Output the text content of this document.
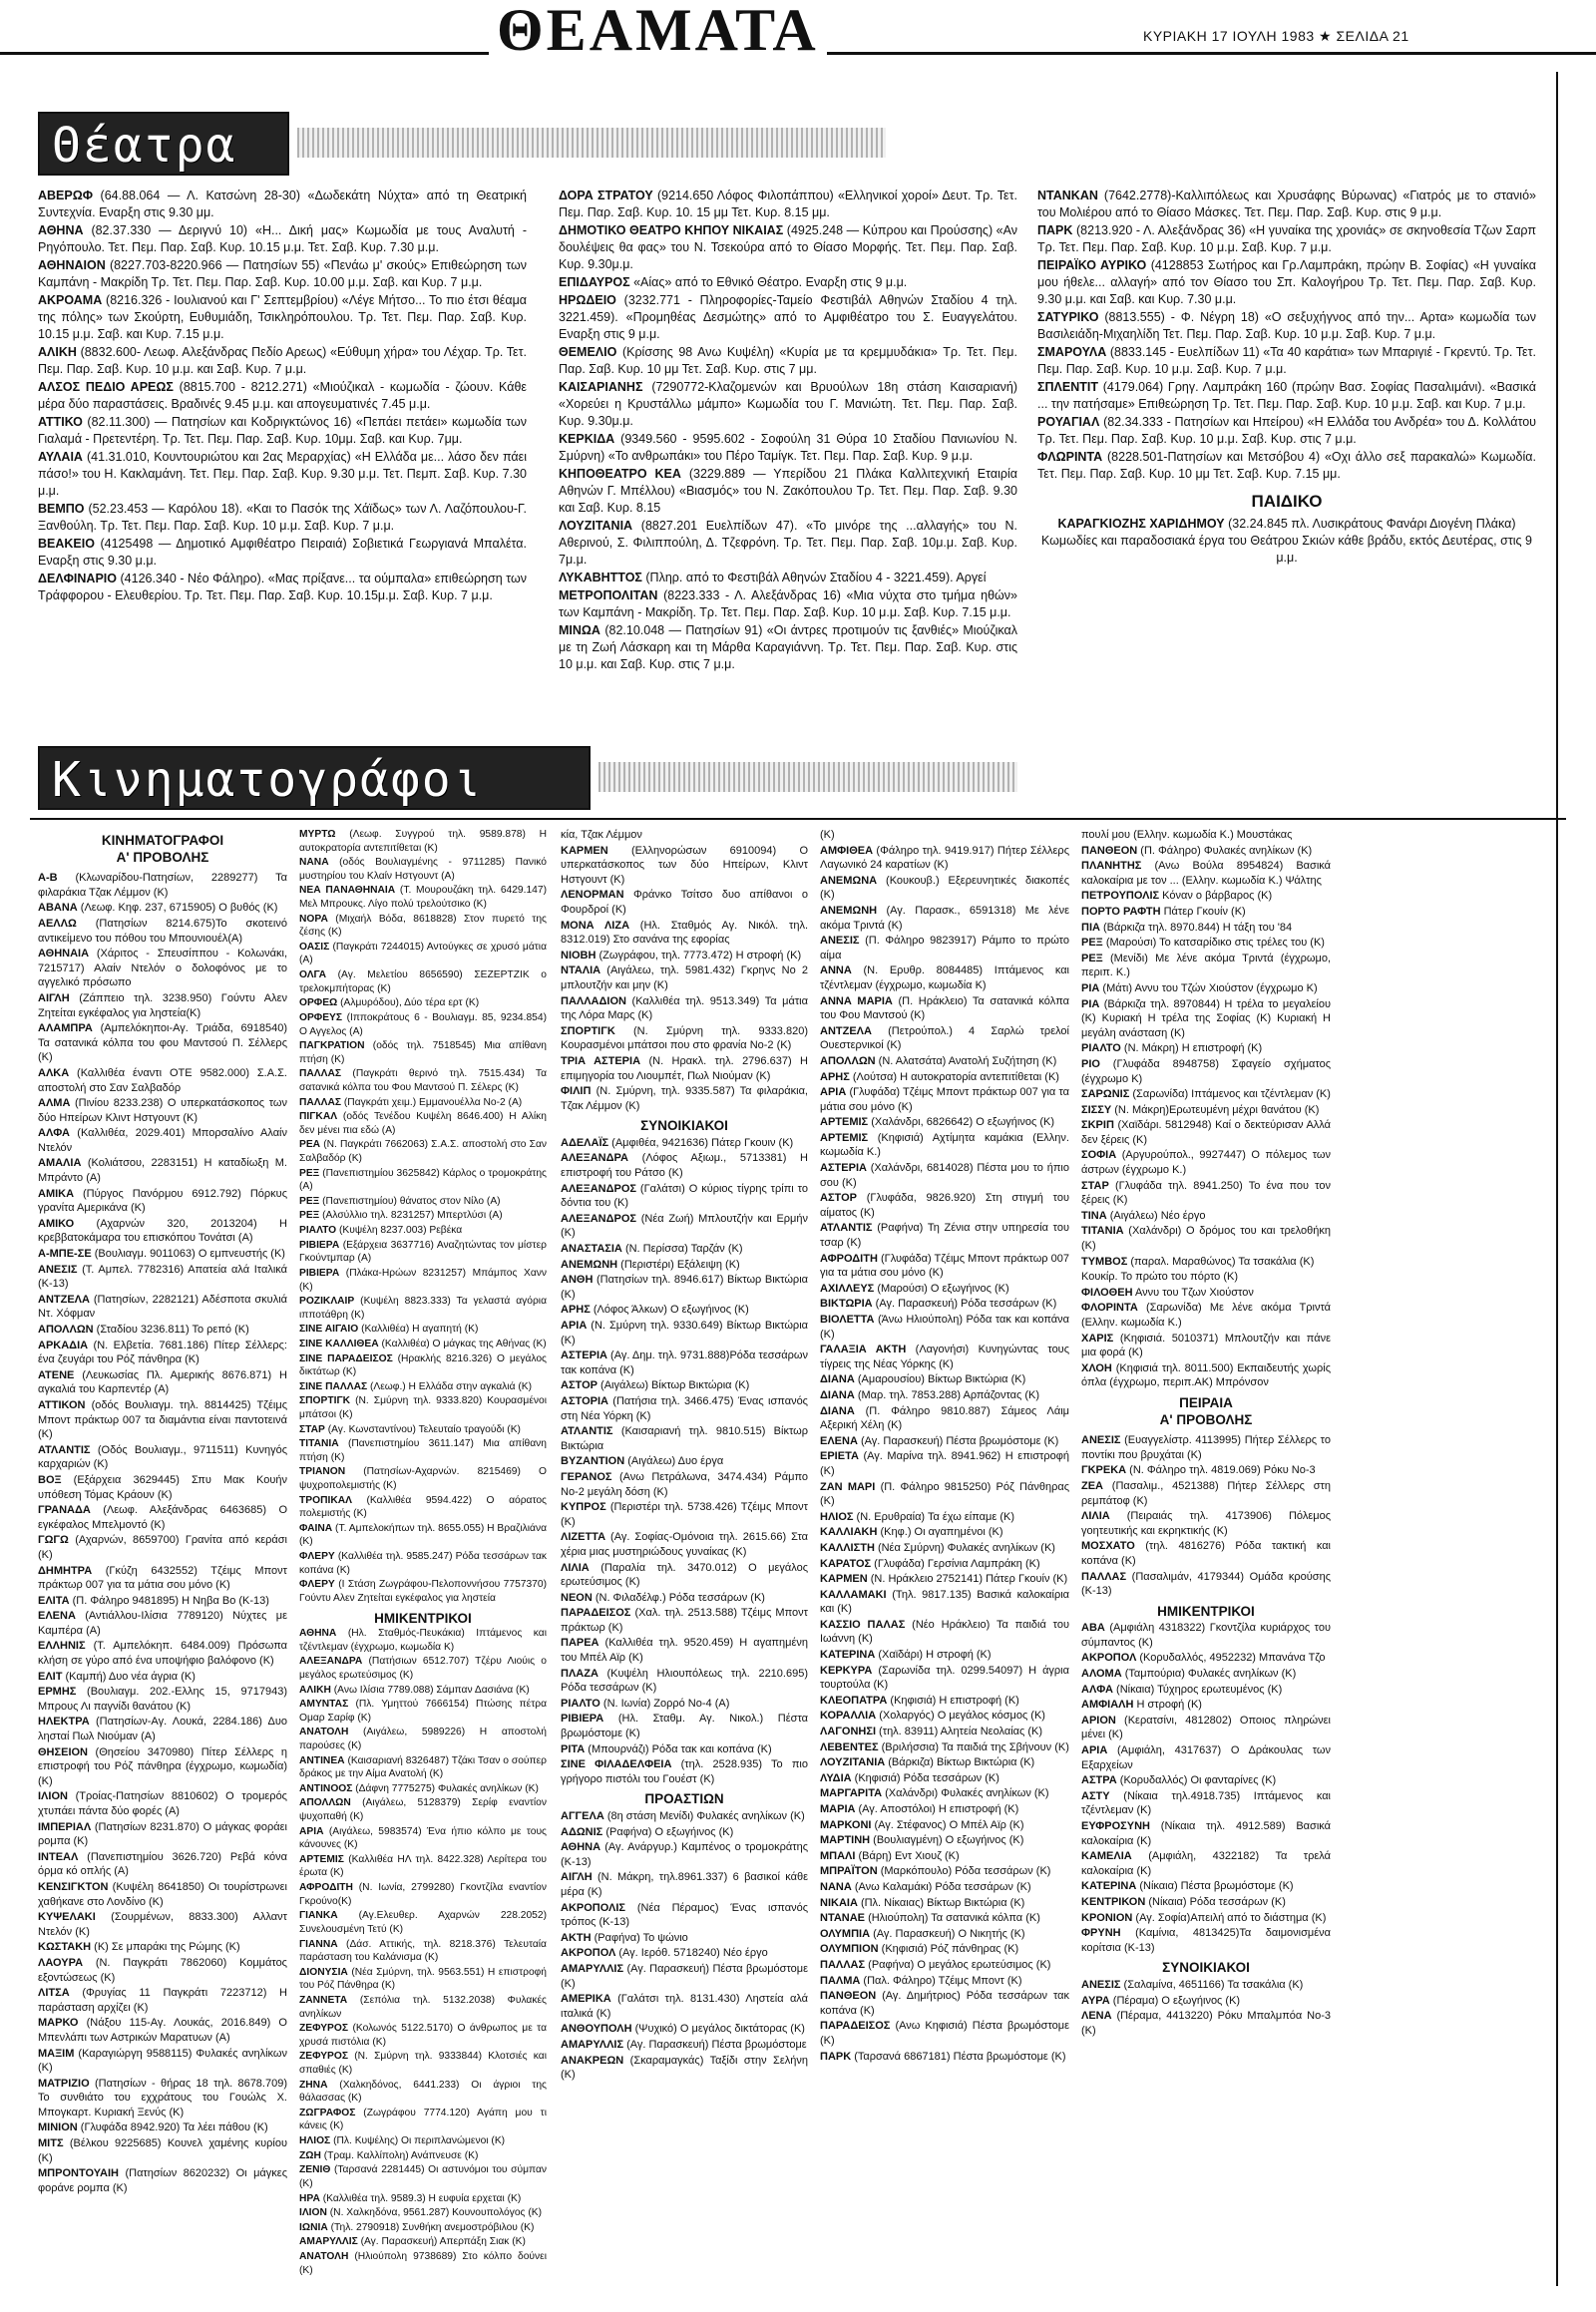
ΘΕΑΜΑΤΑ	ΚΥΡΙΑΚΗ 17 ΙΟΥΛΗ 1983 ★ ΣΕΛΙΔΑ 21
Θέατρα

ΑΒΕΡΩΦ (64.88.064 — Λ. Κατσώνη 28-30) «Δωδεκάτη Νύχτα» από τη Θεατρική Συντεχνία. Εναρξη στις 9.30 μμ.

ΑΘΗΝΑ (82.37.330 — Δεριγνύ 10) «Η... Δική μας» Κωμωδία με τους Αναλυτή - Ρηγόπουλο. Τετ. Πεμ. Παρ. Σαβ. Κυρ. 10.15 μ.μ. Τετ. Σαβ. Κυρ. 7.30 μ.μ.

ΑΘΗΝΑΙΟΝ (8227.703-8220.966 — Πατησίων 55) «Πενάω μ' σκούς» Επιθεώρηση των Καμπάνη - Μακρίδη Τρ. Τετ. Πεμ. Παρ. Σαβ. Κυρ. 10.00 μ.μ. Σαβ. και Κυρ. 7 μ.μ.

ΑΚΡΟΑΜΑ (8216.326 - Ιουλιανού και Γ' Σεπτεμβρίου) «Λέγε Μήτσο... Το πιο έτσι θέαμα της πόλης» των Σκούρτη, Ευθυμιάδη, Τσικληρόπουλου. Τρ. Τετ. Πεμ. Παρ. Σαβ. Κυρ. 10.15 μ.μ. Σαβ. και Κυρ. 7.15 μ.μ.

ΑΛΙΚΗ (8832.600- Λεωφ. Αλεξάνδρας Πεδίο Αρεως) «Εύθυμη χήρα» του Λέχαρ. Τρ. Τετ. Πεμ. Παρ. Σαβ. Κυρ. 10 μ.μ. και Σαβ. Κυρ. 7 μ.μ.

ΑΛΣΟΣ ΠΕΔΙΟ ΑΡΕΩΣ (8815.700 - 8212.271) «Μιούζικαλ - κωμωδία - ζώουν. Κάθε μέρα δύο παραστάσεις. Βραδινές 9.45 μ.μ. και απογευματινές 7.45 μ.μ.

ΑΤΤΙΚΟ (82.11.300) — Πατησίων και Κοδριγκτώνος 16) «Πεπάει πετάει» κωμωδία των Γιαλαμά - Πρετεντέρη. Τρ. Τετ. Πεμ. Παρ. Σαβ. Κυρ. 10μμ. Σαβ. και Κυρ. 7μμ.

ΑΥΛΑΙΑ (41.31.010, Κουντουριώτου και 2ας Μεραρχίας) «Η Ελλάδα με... λάσο δεν πάει πάσο!» του Η. Κακλαμάνη. Τετ. Πεμ. Παρ. Σαβ. Κυρ. 9.30 μ.μ. Τετ. Πεμπ. Σαβ. Κυρ. 7.30 μ.μ.

ΒΕΜΠΟ (52.23.453 — Καρόλου 18). «Και το Πασόκ της Χάϊδως» των Λ. Λαζόπουλου-Γ. Ξανθούλη. Τρ. Τετ. Πεμ. Παρ. Σαβ. Κυρ. 10 μ.μ. Σαβ. Κυρ. 7 μ.μ.

ΒΕΑΚΕΙΟ (4125498 — Δημοτικό Αμφιθέατρο Πειραιά) Σοβιετικά Γεωργιανά Μπαλέτα. Εναρξη στις 9.30 μ.μ.

ΔΕΛΦΙΝΑΡΙΟ (4126.340 - Νέο Φάληρο). «Μας πρίξανε... τα ούμπαλα» επιθεώρηση των Τράφφορου - Ελευθερίου. Τρ. Τετ. Πεμ. Παρ. Σαβ. Κυρ. 10.15μ.μ. Σαβ. Κυρ. 7 μ.μ.

ΔΟΡΑ ΣΤΡΑΤΟΥ (9214.650 Λόφος Φιλοπάππου) «Ελληνικοί χοροί» Δευτ. Τρ. Τετ. Πεμ. Παρ. Σαβ. Κυρ. 10. 15 μμ Τετ. Κυρ. 8.15 μμ.

ΔΗΜΟΤΙΚΟ ΘΕΑΤΡΟ ΚΗΠΟΥ ΝΙΚΑΙΑΣ (4925.248 — Κύπρου και Προύσσης) «Αν δουλέψεις θα φας» του Ν. Τσεκούρα από το Θίασο Μορφής. Τετ. Πεμ. Παρ. Σαβ. Κυρ. 9.30μ.μ.

ΕΠΙΔΑΥΡΟΣ «Αίας» από το Εθνικό Θέατρο. Εναρξη στις 9 μ.μ.

ΗΡΩΔΕΙΟ (3232.771 - Πληροφορίες-Ταμείο Φεστιβάλ Αθηνών Σταδίου 4 τηλ. 3221.459). «Προμηθέας Δεσμώτης» από το Αμφιθέατρο του Σ. Ευαγγελάτου. Εναρξη στις 9 μ.μ.

ΘΕΜΕΛΙΟ (Κρίσσης 98 Ανω Κυψέλη) «Κυρία με τα κρεμμυδάκια» Τρ. Τετ. Πεμ. Παρ. Σαβ. Κυρ. 10 μμ Τετ. Σαβ. Κυρ. στις 7 μμ.

ΚΑΙΣΑΡΙΑΝΗΣ (7290772-Κλαζομενών και Βρυούλων 18η στάση Καισαριανή) «Χορεύει η Κρυστάλλω μάμπο» Κωμωδία του Γ. Μανιώτη. Τετ. Πεμ. Παρ. Σαβ. Κυρ. 9.30μ.μ.

ΚΕΡΚΙΔΑ (9349.560 - 9595.602 - Σοφούλη 31 Θύρα 10 Σταδίου Πανιωνίου Ν. Σμύρνη) «Το ανθρωπάκι» του Πέρο Ταμίγκ. Τετ. Πεμ. Παρ. Σαβ. Κυρ. 9 μ.μ.

ΚΗΠΟΘΕΑΤΡΟ ΚΕΑ (3229.889 — Υπερίδου 21 Πλάκα Καλλιτεχνική Εταιρία Αθηνών Γ. Μπέλλου) «Βιασμός» του Ν. Ζακόπουλου Τρ. Τετ. Πεμ. Παρ. Σαβ. 9.30 και Σαβ. Κυρ. 8.15

ΛΟΥΖΙΤΑΝΙΑ (8827.201 Ευελπίδων 47). «Το μινόρε της ...αλλαγής» του Ν. Αθερινού, Σ. Φιλιππούλη, Δ. Τζεφρόνη. Τρ. Τετ. Πεμ. Παρ. Σαβ. 10μ.μ. Σαβ. Κυρ. 7μ.μ.

ΛΥΚΑΒΗΤΤΟΣ (Πληρ. από το Φεστιβάλ Αθηνών Σταδίου 4 - 3221.459). Αργεί

ΜΕΤΡΟΠΟΛΙΤΑΝ (8223.333 - Λ. Αλεξάνδρας 16) «Μια νύχτα στο τμήμα ηθών» των Καμπάνη - Μακρίδη. Τρ. Τετ. Πεμ. Παρ. Σαβ. Κυρ. 10 μ.μ. Σαβ. Κυρ. 7.15 μ.μ.

ΜΙΝΩΑ (82.10.048 — Πατησίων 91) «Οι άντρες προτιμούν τις ξανθιές» Μιούζικαλ με τη Ζωή Λάσκαρη και τη Μάρθα Καραγιάννη. Τρ. Τετ. Πεμ. Παρ. Σαβ. Κυρ. στις 10 μ.μ. και Σαβ. Κυρ. στις 7 μ.μ.

ΝΤΑΝΚΑΝ (7642.2778)-Καλλιπόλεως και Χρυσάφης Βύρωνας) «Γιατρός με το στανιό» του Μολιέρου από το Θίασο Μάσκες. Τετ. Πεμ. Παρ. Σαβ. Κυρ. στις 9 μ.μ.

ΠΑΡΚ (8213.920 - Λ. Αλεξάνδρας 36) «Η γυναίκα της χρονιάς» σε σκηνοθεσία Τζων Σαρπ Τρ. Τετ. Πεμ. Παρ. Σαβ. Κυρ. 10 μ.μ. Σαβ. Κυρ. 7 μ.μ.

ΠΕΙΡΑΪΚΟ ΑΥΡΙΚΟ (4128853 Σωτήρος και Γρ.Λαμπράκη, πρώην Β. Σοφίας) «Η γυναίκα μου ήθελε... αλλαγή» από τον Θίασο του Σπ. Καλογήρου Τρ. Τετ. Πεμ. Παρ. Σαβ. Κυρ. 9.30 μ.μ. και Σαβ. και Κυρ. 7.30 μ.μ.

ΣΑΤΥΡΙΚΟ (8813.555) - Φ. Νέγρη 18) «Ο σεξυχήγνος από την... Αρτα» κωμωδία των Βασιλειάδη-Μιχαηλίδη Τετ. Πεμ. Παρ. Σαβ. Κυρ. 10 μ.μ. Σαβ. Κυρ. 7 μ.μ.

ΣΜΑΡΟΥΛΑ (8833.145 - Ευελπίδων 11) «Τα 40 καράτια» των Μπαριγιέ - Γκρεντύ. Τρ. Τετ. Πεμ. Παρ. Σαβ. Κυρ. 10 μ.μ. Σαβ. Κυρ. 7 μ.μ.

ΣΠΛΕΝΤΙΤ (4179.064) Γρηγ. Λαμπράκη 160 (πρώην Βασ. Σοφίας Πασαλιμάνι). «Βασικά ... την πατήσαμε» Επιθεώρηση Τρ. Τετ. Πεμ. Παρ. Σαβ. Κυρ. 10 μ.μ. Σαβ. και Κυρ. 7 μ.μ.

ΡΟΥΑΓΙΑΛ (82.34.333 - Πατησίων και Ηπείρου) «Η Ελλάδα του Ανδρέα» του Δ. Κολλάτου Τρ. Τετ. Πεμ. Παρ. Σαβ. Κυρ. 10 μ.μ. Σαβ. Κυρ. στις 7 μ.μ.

ΦΛΩΡΙΝΤΑ (8228.501-Πατησίων και Μετσόβου 4) «Οχι άλλο σεξ παρακαλώ» Κωμωδία. Τετ. Πεμ. Παρ. Σαβ. Κυρ. 10 μμ Τετ. Σαβ. Κυρ. 7.15 μμ.

ΠΑΙΔΙΚΟ

ΚΑΡΑΓΚΙΟΖΗΣ ΧΑΡΙΔΗΜΟΥ (32.24.845 πλ. Λυσικράτους Φανάρι Διογένη Πλάκα) Κωμωδίες και παραδοσιακά έργα του Θεάτρου Σκιών κάθε βράδυ, εκτός Δευτέρας, στις 9 μ.μ.

Κινηματογράφοι
ΚΙΝΗΜΑΤΟΓΡΑΦΟΙ
Α' ΠΡΟΒΟΛΗΣ

Α-Β (Κλωναρίδου-Πατησίων, 2289277) Τα φιλαράκια Τζακ Λέμμον (Κ)

ΑΒΑΝΑ (Λεωφ. Κηφ. 237, 6715905) Ο βυθός (Κ)

ΑΕΛΛΩ (Πατησίων 8214.675)Το σκοτεινό αντικείμενο του πόθου του Μπουνιουέλ(Α)

ΑΘΗΝΑΙΑ (Χάριτος - Σπευσίππου - Κολωνάκι, 7215717) Αλαίν Ντελόν ο δολοφόνος με το αγγελικό πρόσωπο

ΑΙΓΛΗ (Ζάππειο τηλ. 3238.950) Γούντυ Αλεν Ζητείται εγκέφαλος για ληστεία(Κ)

ΑΛΑΜΠΡΑ (Αμπελόκηποι-Αγ. Τριάδα, 6918540) Τα σατανικά κόλπα του φου Μαντσού Π. Σέλλερς (Κ)

ΑΛΚΑ (Καλλιθέα έναντι ΟΤΕ 9582.000) Σ.Α.Σ. αποστολή στο Σαν Σαλβαδόρ

ΑΛΜΑ (Πινίου 8233.238) Ο υπερκατάσκοπος των δύο Ηπείρων Κλιντ Ηστγουντ (Κ)

ΑΛΦΑ (Καλλιθέα, 2029.401) Μπορσαλίνο Αλαίν Ντελόν

ΑΜΑΛΙΑ (Κολιάτσου, 2283151) Η καταδίωξη Μ. Μπράντο (Α)

ΑΜΙΚΑ (Πύργος Πανόρμου 6912.792) Πόρκυς γρανίτα Αμερικάνα (Κ)

ΑΜΙΚΟ (Αχαρνών 320, 2013204) Η κρεββατοκάμαρα του επισκόπου Τονάτσι (Α)

Α-ΜΠΕ-ΣΕ (Βουλιαγμ. 9011063) Ο εμπνευστής (Κ)

ΑΝΕΣΙΣ (Τ. Αμπελ. 7782316) Απατεία αλά Ιταλικά (Κ-13)

ΑΝΤΖΕΛΑ (Πατησίων, 2282121) Αδέσποτα σκυλιά Ντ. Χόφμαν

ΑΠΟΛΛΩΝ (Σταδίου 3236.811) Το ρεπό (Κ)

ΑΡΚΑΔΙΑ (Ν. Ελβετία. 7681.186) Πίτερ Σέλλερς: ένα ζευγάρι του Ρόζ πάνθηρα (Κ)

ΑΤΕΝΕ (Λευκωσίας Πλ. Αμερικής 8676.871) Η αγκαλιά του Καρπεντέρ (Α)

ΑΤΤΙΚΟΝ (οδός Βουλιαγμ. τηλ. 8814425) Τζέιμς Μποντ πράκτωρ 007 τα διαμάντια είναι παντοτεινά (Κ)

ΑΤΛΑΝΤΙΣ (Οδός Βουλιαγμ., 9711511) Κυνηγός καρχαριών (Κ)

ΒΟΞ (Εξάρχεια 3629445) Σπυ Μακ Κουήν υπόθεση Τόμας Κράουν (Κ)

ΓΡΑΝΑΔΑ (Λεωφ. Αλεξάνδρας 6463685) Ο εγκέφαλος Μπελμοντό (Κ)

ΓΩΓΩ (Αχαρνών, 8659700) Γρανίτα από κεράσι (Κ)

ΔΗΜΗΤΡΑ (Γκύζη 6432552) Τζέιμς Μποντ πράκτωρ 007 για τα μάτια σου μόνο (Κ)

ΕΛΙΤΑ (Π. Φάληρο 9481895) Η Νηβα Βο (Κ-13)

ΕΛΕΝΑ (Αντιάλλου-Ιλίσια 7789120) Νύχτες με Καμπέρα (Α)

ΕΛΛΗΝΙΣ (Τ. Αμπελόκηπ. 6484.009) Πρόσωπα κλήση σε γύρο από ένα υποψήφιο βαλόφονο (Κ)

ΕΛΙΤ (Καμπή) Δυο νέα άγρια (Κ)

ΕΡΜΗΣ (Βουλιαγμ. 202.-Ελλης 15, 9717943) Μπρους Λι παγνίδι θανάτου (Κ)

ΗΛΕΚΤΡΑ (Πατησίων-Αγ. Λουκά, 2284.186) Δυο λησταί Πωλ Νιούμαν (Α)

ΘΗΣΕΙΟΝ (Θησείου 3470980) Πίτερ Σέλλερς η επιστροφή του Ρόζ πάνθηρα (έγχρωμο, κωμωδία) (Κ)

ΙΛΙΟΝ (Τροίας-Πατησίων 8810602) Ο τρομερός χτυπάει πάντα δύο φορές (Α)

ΙΜΠΕΡΙΑΛ (Πατησίων 8231.870) Ο μάγκας φοράει ρομπα (Κ)

ΙΝΤΕΑΛ (Πανεπιστημίου 3626.720) Ρεβά κόνα όρμα κό οπλής (Α)

ΚΕΝΣΙΓΚΤΟΝ (Κυψέλη 8641850) Οι τουρίστρωνει χαθήκανε στο Λονδίνο (Κ)

ΚΥΨΕΛΑΚΙ (Σουρμένων, 8833.300) Αλλαντ Ντελόν (Κ)

ΚΩΣΤΑΚΗ (Κ) Σε μπαράκι της Ρώμης (Κ)

ΛΑΟΥΡΑ (Ν. Παγκράτι 7862060) Κομμάτος εξοντώσεως (Κ)

ΛΙΤΣΑ (Φρυγίας 11 Παγκράτι 7223712) Η παράσταση αρχίζει (Κ)

ΜΑΡΚΟ (Νάξου 115-Αγ. Λουκάς, 2016.849) Ο Μπενλάπι των Αστρικών Μαρατυων (Α)

ΜΑΞΙΜ (Καραγιώργη 9588115) Φυλακές ανηλίκων (Κ)

ΜΑΤΡΙΖΙΟ (Πατησίων - θήρας 18 τηλ. 8678.709) Το συνθιάτο του εχχράτους του Γουώλς Χ. Μπογκαρτ. Κυριακή Ξενύς (Κ)

ΜΙΝΙΟΝ (Γλυφάδα 8942.920) Τα λέει πάθου (Κ)

ΜΙΤΣ (Βέλκου 9225685) Κουνελ χαμένης κυρίου (Κ)

ΜΠΡΟΝΤΟΥΑΙΗ (Πατησίων 8620232) Οι μάγκες φοράνε ρομπα (Κ)

ΜΥΡΤΩ (Λεωφ. Συγγρού τηλ. 9589.878) Η αυτοκρατορία αντεπιτίθεται (Κ)

ΝΑΝΑ (οδός Βουλιαγμένης - 9711285) Πανικό μυστηρίου του Κλαίν Ηστγουντ (Α)

ΝΕΑ ΠΑΝΑΘΗΝΑΙΑ (Τ. Μουρουζάκη τηλ. 6429.147) Μελ Μπρουκς. Λίγο πολύ τρελούτσικο (Κ)

ΝΟΡΑ (Μιχαήλ Βόδα, 8618828) Στον πυρετό της ζέσης (Κ)

ΟΑΣΙΣ (Παγκράτι 7244015) Αντούγκες σε χρυσό μάτια (Α)

ΟΛΓΑ (Αγ. Μελετίου 8656590) ΣΕΖΕΡΤΖΙΚ ο τρελοκμπήτορας (Κ)

ΟΡΦΕΩ (Αλμυρόδου), Δύο τέρα ερτ (Κ)

ΟΡΦΕΥΣ (Ιπποκράτους 6 - Βουλιαγμ. 85, 9234.854) Ο Αγγελος (Α)

ΠΑΓΚΡΑΤΙΟΝ (οδός τηλ. 7518545) Μια απίθανη πτήση (Κ)

ΠΑΛΛΑΣ (Παγκράτι θερινό τηλ. 7515.434) Τα σατανικά κόλπα του Φου Μαντσού Π. Σέλερς (Κ)

ΠΑΛΛΑΣ (Παγκράτι χειμ.) Εμμανουέλλα Νο-2 (Α)

ΠΙΓΚΑΛ (οδός Τενέδου Κυψέλη 8646.400) Η Αλίκη δεν μένει πια εδώ (Α)

ΡΕΑ (Ν. Παγκράτι 7662063) Σ.Α.Σ. αποστολή στο Σαν Σαλβαδόρ (Κ)

ΡΕΞ (Πανεπιστημίου 3625842) Κάρλος ο τρομοκράτης (Α)

ΡΕΞ (Πανεπιστημίου) θάνατος στον Νίλο (Α)

ΡΕΞ (Αλσύλλιο τηλ. 8231257) Μπερτλύσι (Α)

ΡΙΑΛΤΟ (Κυψέλη 8237.003) Ρεβέκα

ΡΙΒΙΕΡΑ (Εξάρχεια 3637716) Αναζητώντας τον μίστερ Γκούντμπαρ (Α)

ΡΙΒΙΕΡΑ (Πλάκα-Ηρώων 8231257) Μπάμπος Χανν (Κ)

ΡΟΖΙΚΛΑΙΡ (Κυψέλη 8823.333) Τα γελαστά αγόρια ιπποτάθρη (Κ)

ΣΙΝΕ ΑΙΓΑΙΟ (Καλλιθέα) Η αγαπητή (Κ)

ΣΙΝΕ ΚΑΛΛΙΘΕΑ (Καλλιθέα) Ο μάγκας της Αθήνας (Κ)

ΣΙΝΕ ΠΑΡΑΔΕΙΣΟΣ (Ηρακλής 8216.326) Ο μεγάλος δικτάτωρ (Κ)

ΣΙΝΕ ΠΑΛΛΑΣ (Λεωφ.) Η Ελλάδα στην αγκαλιά (Κ)

ΣΠΟΡΤΙΓΚ (Ν. Σμύρνη τηλ. 9333.820) Κουρασμένοι μπάτσοι (Κ)

ΣΤΑΡ (Αγ. Κωνσταντίνου) Τελευταίο τραγούδι (Κ)

ΤΙΤΑΝΙΑ (Πανεπιστημίου 3611.147) Μια απίθανη πτήση (Κ)

ΤΡΙΑΝΟΝ (Πατησίων-Αχαρνών. 8215469) Ο ψυχροπολεμιστής (Κ)

ΤΡΟΠΙΚΑΛ (Καλλιθέα 9594.422) Ο αόρατος πολεμιστής (Κ)

ΦΑΙΝΑ (Τ. Αμπελοκήπων τηλ. 8655.055) Η Βραζιλιάνα (Κ)

ΦΛΕΡΥ (Καλλιθέα τηλ. 9585.247) Ρόδα τεσσάρων τακ κοπάνα (Κ)

ΦΛΕΡΥ (Ι Στάση Ζωγράφου-Πελοποννήσου 7757370) Γούντυ Αλεν Ζητείται εγκέφαλος για ληστεία

ΗΜΙΚΕΝΤΡΙΚΟΙ

ΑΘΗΝΑ (Ηλ. Σταθμός-Πευκάκια) Ιπτάμενος και τζέντλεμαν (έγχρωμο, κωμωδία Κ)

ΑΛΕΞΑΝΔΡΑ (Πατήσιων 6512.707) Τζέρυ Λιούις ο μεγάλος ερωτεύσιμος (Κ)

ΑΛΙΚΗ (Ανω Ιλίσια 7789.088) Σάμπαν Δασιάνα (Κ)

ΑΜΥΝΤΑΣ (Πλ. Υμηττού 7666154) Πτώσης πέτρα Ομαρ Σαρίφ (Κ)

ΑΝΑΤΟΛΗ (Αιγάλεω, 5989226) Η αποστολή παρούσες (Κ)

ΑΝΤΙΝΕΑ (Καισαριανή 8326487) Τζάκι Τσαν ο σούπερ δράκος με την Αίμα Ανατολή (Κ)

ΑΝΤΙΝΟΟΣ (Δάφνη 7775275) Φυλακές ανηλίκων (Κ)

ΑΠΟΛΛΩΝ (Αιγάλεω, 5128379) Σερίφ εναντίον ψυχοπαθή (Κ)

ΑΡΙΑ (Αιγάλεω, 5983574) Ένα ήπιο κόλπο με τους κάνουνες (Κ)

ΑΡΤΕΜΙΣ (Καλλιθέα ΗΛ τηλ. 8422.328) Λερίτερα του έρωτα (Κ)

ΑΦΡΟΔΙΤΗ (Ν. Ιωνία, 2799280) Γκοντζίλα εναντίον Γκρούνο(Κ)

ΓΙΑΝΚΑ (Αγ.Ελευθερ. Αχαρνών 228.2052) Συνελουσμένη Τετύ (Κ)

ΓΙΑΝΝΑ (Δάσ. Αττικής, τηλ. 8218.376) Τελευταία παράσταση του Καλάνισμα (Κ)

ΔΙΟΝΥΣΙΑ (Νέα Σμύρνη, τηλ. 9563.551) Η επιστροφή του Ρόζ Πάνθηρα (Κ)

ΖΑΝΝΕΤΑ (Σεπόλια τηλ. 5132.2038) Φυλακές ανηλίκων

ΖΕΦΥΡΟΣ (Κολωνός 5122.5170) Ο άνθρωπος με τα χρυσά πιστόλια (Κ)

ΖΕΦΥΡΟΣ (Ν. Σμύρνη τηλ. 9333844) Κλοτσιές και σπαθιές (Κ)

ΖΗΝΑ (Χαλκηδόνος, 6441.233) Οι άγριοι της θάλασσας (Κ)

ΖΩΓΡΑΦΟΣ (Ζωγράφου 7774.120) Αγάπη μου τι κάνεις (Κ)

ΗΛΙΟΣ (Πλ. Κυψέλης) Οι περιπλανώμενοι (Κ)

ΖΩΗ (Τραμ. Καλλίπολη) Ανάπνευσε (Κ)

ΖΕΝΙΘ (Ταρσανά 2281445) Οι αστυνόμοι του σύμπαν (Κ)

ΗΡΑ (Καλλιθέα τηλ. 9589.3) Η ευφυία ερχεται (Κ)

ΙΛΙΟΝ (Ν. Χαλκηδόνα, 9561.287) Κουνουπολόγος (Κ)

ΙΩΝΙΑ (Τηλ. 2790918) Συνθήκη ανεμοστρόβιλου (Κ)

ΑΜΑΡΥΛΛΙΣ (Αγ. Παρασκευή) Απερπάξη Σιακ (Κ)

ΑΝΑΤΟΛΗ (Ηλιούπολη 9738689) Στο κόλπο δούνει (Κ)

κία, Τζακ Λέμμον

ΚΑΡΜΕΝ (Ελληνορώσων 6910094) Ο υπερκατάσκοπος των δύο Ηπείρων, Κλιντ Ηστγουντ (Κ)

ΛΕΝΟΡΜΑΝ Φράνκο Τσίτσο δυο απίθανοι ο Φουρδροί (Κ)

ΜΟΝΑ ΛΙΖΑ (Ηλ. Σταθμός Αγ. Νικόλ. τηλ. 8312.019) Στο σανάνα της εφορίας

ΝΙΟΒΗ (Ζωγράφου, τηλ. 7773.472) Η στροφή (Κ)

ΝΤΑΛΙΑ (Αιγάλεω, τηλ. 5981.432) Γκρηνς Νο 2 μπλουτζήν και μην (Κ)

ΠΑΛΛΑΔΙΟΝ (Καλλιθέα τηλ. 9513.349) Τα μάτια της Λόρα Μαρς (Κ)

ΣΠΟΡΤΙΓΚ (Ν. Σμύρνη τηλ. 9333.820) Κουρασμένοι μπάτσοι που στο φρανία Νο-2 (Κ)

ΤΡΙΑ ΑΣΤΕΡΙΑ (Ν. Ηρακλ. τηλ. 2796.637) Η επιμηγορία του Λιουμπέτ, Πωλ Νιούμαν (Κ)

ΦΙΛΙΠ (Ν. Σμύρνη, τηλ. 9335.587) Τα φιλαράκια, Τζακ Λέμμον (Κ)

ΣΥΝΟΙΚΙΑΚΟΙ

ΑΔΕΛΑΪΣ (Αμφιθέα, 9421636) Πάτερ Γκουιν (Κ)

ΑΛΕΞΑΝΔΡΑ (Λόφος Αξιωμ., 5713381) Η επιστροφή του Ράτσο (Κ)

ΑΛΕΞΑΝΔΡΟΣ (Γαλάτσι) Ο κύριος τίγρης τρίπι το δόντια του (Κ)

ΑΛΕΞΑΝΔΡΟΣ (Νέα Ζωή) Μπλουτζήν και Ερμήν (Κ)

ΑΝΑΣΤΑΣΙΑ (Ν. Περίσσα) Ταρζάν (Κ)

ΑΝΕΜΩΝΗ (Περιστέρι) Εξάλειψη (Κ)

ΑΝΘΗ (Πατησίων τηλ. 8946.617) Βίκτωρ Βικτώρια (Κ)

ΑΡΗΣ (Λόφος Άλκων) Ο εξωγήινος (Κ)

ΑΡΙΑ (Ν. Σμύρνη τηλ. 9330.649) Βίκτωρ Βικτώρια (Κ)

ΑΣΤΕΡΙΑ (Αγ. Δημ. τηλ. 9731.888)Ρόδα τεσσάρων τακ κοπάνα (Κ)

ΑΣΤΟΡ (Αιγάλεω) Βίκτωρ Βικτώρια (Κ)

ΑΣΤΟΡΙΑ (Πατήσια τηλ. 3466.475) Ένας ισπανός στη Νέα Υόρκη (Κ)

ΑΤΛΑΝΤΙΣ (Καισαριανή τηλ. 9810.515) Βίκτωρ Βικτώρια

ΒΥΖΑΝΤΙΟΝ (Αιγάλεω) Δυο έργα

ΓΕΡΑΝΟΣ (Ανω Πετράλωνα, 3474.434) Ράμπο Νο-2 μεγάλη δόση (Κ)

ΚΥΠΡΟΣ (Περιστέρι τηλ. 5738.426) Τζέιμς Μποντ (Κ)

ΛΙΖΕΤΤΑ (Αγ. Σοφίας-Ομόνοια τηλ. 2615.66) Στα χέρια μιας μυστηριώδους γυναίκας (Κ)

ΛΙΛΙΑ (Παραλία τηλ. 3470.012) Ο μεγάλος ερωτεύσιμος (Κ)

ΝΕΟΝ (Ν. Φιλαδέλφ.) Ρόδα τεσσάρων (Κ)

ΠΑΡΑΔΕΙΣΟΣ (Χαλ. τηλ. 2513.588) Τζέιμς Μποντ πράκτωρ (Κ)

ΠΑΡΕΑ (Καλλιθέα τηλ. 9520.459) Η αγαπημένη του Μπέλ Αϊρ (Κ)

ΠΛΑΖΑ (Κυψέλη Ηλιουπόλεως τηλ. 2210.695) Ρόδα τεσσάρων (Κ)

ΡΙΑΛΤΟ (Ν. Ιωνία) Ζορρό Νο-4 (Α)

ΡΙΒΙΕΡΑ (Ηλ. Σταθμ. Αγ. Νικολ.) Πέστα βρωμόστομε (Κ)

ΡΙΤΑ (Μπουρνάζι) Ρόδα τακ και κοπάνα (Κ)

ΣΙΝΕ ΦΙΛΑΔΕΛΦΕΙΑ (τηλ. 2528.935) Το πιο γρήγορο πιστόλι του Γουέστ (Κ)

ΠΡΟΑΣΤΙΩΝ

ΑΓΓΕΛΑ (8η στάση Μενίδι) Φυλακές ανηλίκων (Κ)

ΑΔΩΝΙΣ (Ραφήνα) Ο εξωγήινος (Κ)

ΑΘΗΝΑ (Αγ. Ανάργυρ.) Καμπένος ο τρομοκράτης (Κ-13)

ΑΙΓΛΗ (Ν. Μάκρη, τηλ.8961.337) 6 βασικοί κάθε μέρα (Κ)

ΑΚΡΟΠΟΛΙΣ (Νέα Πέραμος) Ένας ισπανός τρόπος (Κ-13)

ΑΚΤΗ (Ραφήνα) Το ψώνιο

ΑΚΡΟΠΟΛ (Αγ. Ιερόθ. 5718240) Νέο έργο

ΑΜΑΡΥΛΛΙΣ (Αγ. Παρασκευή) Πέστα βρωμόστομε (Κ)

ΑΜΕΡΙΚΑ (Γαλάτσι τηλ. 8131.430) Ληστεία αλά ιταλικά (Κ)

ΑΝΘΟΥΠΟΛΗ (Ψυχικό) Ο μεγάλος δικτάτορας (Κ)

ΑΜΑΡΥΛΛΙΣ (Αγ. Παρασκευή) Πέστα βρωμόστομε

ΑΝΑΚΡΕΩΝ (Σκαραμαγκάς) Ταξίδι στην Σελήνη (Κ)

(Κ)

ΑΜΦΙΘΕΑ (Φάληρο τηλ. 9419.917) Πήτερ Σέλλερς Λαγωνικό 24 καρατίων (Κ)

ΑΝΕΜΩΝΑ (Κουκουβ.) Εξερευνητικές διακοπές (Κ)

ΑΝΕΜΩΝΗ (Αγ. Παρασκ., 6591318) Με λένε ακόμα Τριντά (Κ)

ΑΝΕΣΙΣ (Π. Φάληρο 9823917) Ράμπο το πρώτο αίμα

ΑΝΝΑ (Ν. Ερυθρ. 8084485) Ιπτάμενος και τζέντλεμαν (έγχρωμο, κωμωδία Κ)

ΑΝΝΑ ΜΑΡΙΑ (Π. Ηράκλειο) Τα σατανικά κόλπα του Φου Μαντσού (Κ)

ΑΝΤΖΕΛΑ (Πετρούπολ.) 4 Σαρλώ τρελοί Ουεστερνικοί (Κ)

ΑΠΟΛΛΩΝ (Ν. Αλατσάτα) Ανατολή Συζήτηση (Κ)

ΑΡΗΣ (Λούτσα) Η αυτοκρατορία αντεπιτίθεται (Κ)

ΑΡΙΑ (Γλυφάδα) Τζέιμς Μποντ πράκτωρ 007 για τα μάτια σου μόνο (Κ)

ΑΡΤΕΜΙΣ (Χαλάνδρι, 6826642) Ο εξωγήινος (Κ)

ΑΡΤΕΜΙΣ (Κηφισιά) Αχτίμητα καμάκια (Ελλην. κωμωδία Κ.)

ΑΣΤΕΡΙΑ (Χαλάνδρι, 6814028) Πέστα μου το ήπιο σου (Κ)

ΑΣΤΟΡ (Γλυφάδα, 9826.920) Στη στιγμή του αίματος (Κ)

ΑΤΛΑΝΤΙΣ (Ραφήνα) Τη Ζένια στην υπηρεσία του τσαρ (Κ)

ΑΦΡΟΔΙΤΗ (Γλυφάδα) Τζέιμς Μποντ πράκτωρ 007 για τα μάτια σου μόνο (Κ)

ΑΧΙΛΛΕΥΣ (Μαρούσι) Ο εξωγήινος (Κ)

ΒΙΚΤΩΡΙΑ (Αγ. Παρασκευή) Ρόδα τεσσάρων (Κ)

ΒΙΟΛΕΤΤΑ (Άνω Ηλιούπολη) Ρόδα τακ και κοπάνα (Κ)

ΓΑΛΑΞΙΑ ΑΚΤΗ (Λαγονήσι) Κυνηγώντας τους τίγρεις της Νέας Υόρκης (Κ)

ΔΙΑΝΑ (Αμαρουσίου) Βίκτωρ Βικτώρια (Κ)

ΔΙΑΝΑ (Μαρ. τηλ. 7853.288) Αρπάζοντας (Κ)

ΔΙΑΝΑ (Π. Φάληρο 9810.887) Σάμεος Λάιμ Αξερική Χέλη (Κ)

ΕΛΕΝΑ (Αγ. Παρασκευή) Πέστα βρωμόστομε (Κ)

ΕΡΙΕΤΑ (Αγ. Μαρίνα τηλ. 8941.962) Η επιστροφή (Κ)

ΖΑΝ ΜΑΡΙ (Π. Φάληρο 9815250) Ρόζ Πάνθηρας (Κ)

ΗΛΙΟΣ (Ν. Ερυθραία) Τα έχω είπαμε (Κ)

ΚΑΛΛΙΑΚΗ (Κηφ.) Οι αγαπημένοι (Κ)

ΚΑΛΛΙΣΤΗ (Νέα Σμύρνη) Φυλακές ανηλίκων (Κ)

ΚΑΡΑΤΟΣ (Γλυφάδα) Γερσίνια Λαμπράκη (Κ)

ΚΑΡΜΕΝ (Ν. Ηράκλειο 2752141) Πάτερ Γκουίν (Κ)

ΚΑΛΛΑΜΑΚΙ (Τηλ. 9817.135) Βασικά καλοκαίρια και (Κ)

ΚΑΣΣΙΟ ΠΑΛΑΣ (Νέο Ηράκλειο) Τα παιδιά του Ιωάννη (Κ)

ΚΑΤΕΡΙΝΑ (Χαϊδάρι) Η στροφή (Κ)

ΚΕΡΚΥΡΑ (Σαρωνίδα τηλ. 0299.54097) Η άγρια τουρτούλα (Κ)

ΚΛΕΟΠΑΤΡΑ (Κηφισιά) Η επιστροφή (Κ)

ΚΟΡΑΛΛΙΑ (Χολαργός) Ο μεγάλος κόσμος (Κ)

ΛΑΓΟΝΗΣΙ (τηλ. 83911) Αλητεία Νεολαίας (Κ)

ΛΕΒΕΝΤΕΣ (Βριλήσσια) Τα παιδιά της Σβήνουν (Κ)

ΛΟΥΖΙΤΑΝΙΑ (Βάρκιζα) Βίκτωρ Βικτώρια (Κ)

ΛΥΔΙΑ (Κηφισιά) Ρόδα τεσσάρων (Κ)

ΜΑΡΓΑΡΙΤΑ (Χαλάνδρι) Φυλακές ανηλίκων (Κ)

ΜΑΡΙΑ (Αγ. Αποστόλοι) Η επιστροφή (Κ)

ΜΑΡΚΟΝΙ (Αγ. Στέφανος) Ο Μπέλ Αϊρ (Κ)

ΜΑΡΤΙΝΗ (Βουλιαγμένη) Ο εξωγήινος (Κ)

ΜΠΑΛΙ (Βάρη) Εντ Χιουζ (Κ)

ΜΠΡΑΪΤΟΝ (Μαρκόπουλο) Ρόδα τεσσάρων (Κ)

ΝΑΝΑ (Ανω Καλαμάκι) Ρόδα τεσσάρων (Κ)

ΝΙΚΑΙΑ (Πλ. Νίκαιας) Βίκτωρ Βικτώρια (Κ)

ΝΤΑΝΑΕ (Ηλιούπολη) Τα σατανικά κόλπα (Κ)

ΟΛΥΜΠΙΑ (Αγ. Παρασκευή) Ο Νικητής (Κ)

ΟΛΥΜΠΙΟΝ (Κηφισιά) Ρόζ πάνθηρας (Κ)

ΠΑΛΛΑΣ (Ραφήνα) Ο μεγάλος ερωτεύσιμος (Κ)

ΠΑΛΜΑ (Παλ. Φάληρο) Τζέιμς Μποντ (Κ)

ΠΑΝΘΕΟΝ (Αγ. Δημήτριος) Ρόδα τεσσάρων τακ κοπάνα (Κ)

ΠΑΡΑΔΕΙΣΟΣ (Ανω Κηφισιά) Πέστα βρωμόστομε (Κ)

ΠΑΡΚ (Ταρσανά 6867181) Πέστα βρωμόστομε (Κ)

πουλί μου (Ελλην. κωμωδία Κ.) Μουστάκας

ΠΑΝΘΕΟΝ (Π. Φάληρο) Φυλακές ανηλίκων (Κ)

ΠΛΑΝΗΤΗΣ (Ανω Βούλα 8954824) Βασικά καλοκαίρια με τον ... (Ελλην. κωμωδία Κ.) Ψάλτης

ΠΕΤΡΟΥΠΟΛΙΣ Κόναν ο βάρβαρος (Κ)

ΠΟΡΤΟ ΡΑΦΤΗ Πάτερ Γκουίν (Κ)

ΠΙΑ (Βάρκιζα τηλ. 8970.844) Η τάξη του '84

ΡΕΞ (Μαρούσι) Το κατσαρίδικο στις τρέλες του (Κ)

ΡΕΞ (Μενίδι) Με λένε ακόμα Τριντά (έγχρωμο, περιπ. Κ.)

ΡΙΑ (Μάτι) Αννυ του Τζών Χιούστον (έγχρωμο Κ)

ΡΙΑ (Βάρκιζα τηλ. 8970844) Η τρέλα το μεγαλείου (Κ) Κυριακή Η τρέλα της Σοφίας (Κ) Κυριακή Η μεγάλη ανάσταση (Κ)

ΡΙΑΛΤΟ (Ν. Μάκρη) Η επιστροφή (Κ)

ΡΙΟ (Γλυφάδα 8948758) Σφαγείο σχήματος (έγχρωμο Κ)

ΣΑΡΩΝΙΣ (Σαρωνίδα) Ιπτάμενος και τζέντλεμαν (Κ)

ΣΙΣΣΥ (Ν. Μάκρη)Ερωτευμένη μέχρι θανάτου (Κ)

ΣΚΡΙΠ (Χαϊδάρι. 5812948) Καί ο δεκτεύρισαν Αλλά δεν ξέρεις (Κ)

ΣΟΦΙΑ (Αργυρούπολ., 9927447) Ο πόλεμος των άστρων (έγχρωμο Κ.)

ΣΤΑΡ (Γλυφάδα τηλ. 8941.250) Το ένα που τον ξέρεις (Κ)

ΤΙΝΑ (Αιγάλεω) Νέο έργο

ΤΙΤΑΝΙΑ (Χαλάνδρι) Ο δρόμος του και τρελοθήκη (Κ)

ΤΥΜΒΟΣ (παραλ. Μαραθώνος) Τα τσακάλια (Κ)

Κουκίρ. Το πρώτο του πόρτο (Κ)

ΦΙΛΟΘΕΗ Αννυ του Τζων Χιούστον

ΦΛΟΡΙΝΤΑ (Σαρωνίδα) Με λένε ακόμα Τριντά (Ελλην. κωμωδία Κ.)

ΧΑΡΙΣ (Κηφισιά. 5010371) Μπλουτζήν και πάνε μια φορά (Κ)

ΧΛΟΗ (Κηφισιά τηλ. 8011.500) Εκπαιδευτής χωρίς όπλα (έγχρωμο, περιπ.ΑΚ) Μπρόνσον

ΠΕΙΡΑΙΑ
Α' ΠΡΟΒΟΛΗΣ

ΑΝΕΣΙΣ (Ευαγγελίστρ. 4113995) Πήτερ Σέλλερς το ποντίκι που βρυχάται (Κ)

ΓΚΡΕΚΑ (Ν. Φάληρο τηλ. 4819.069) Ρόκυ Νο-3

ΖΕΑ (Πασαλιμ., 4521388) Πήτερ Σέλλερς στη ρεμπάτοφ (Κ)

ΛΙΛΙΑ (Πειραιάς τηλ. 4173906) Πόλεμος γοητευτικής και εκρηκτικής (Κ)

ΜΟΣΧΑΤΟ (τηλ. 4816276) Ρόδα τακτική και κοπάνα (Κ)

ΠΑΛΛΑΣ (Πασαλιμάν, 4179344) Ομάδα κρούσης (Κ-13)

ΗΜΙΚΕΝΤΡΙΚΟΙ

ΑΒΑ (Αμφιάλη 4318322) Γκοντζίλα κυριάρχος του σύμπαντος (Κ)

ΑΚΡΟΠΟΛ (Κορυδαλλός, 4952232) Μπανάνα Τζο

ΑΛΟΜΑ (Ταμπούρια) Φυλακές ανηλίκων (Κ)

ΑΛΦΑ (Νίκαια) Τύχηρος ερωτευμένος (Κ)

ΑΜΦΙΑΛΗ Η στροφή (Κ)

ΑΡΙΟΝ (Κερατσίνι, 4812802) Οποιος πληρώνει μένει (Κ)

ΑΡΙΑ (Αμφιάλη, 4317637) Ο Δράκουλας των Εξαρχείων

ΑΣΤΡΑ (Κορυδαλλός) Οι φανταρίνες (Κ)

ΑΣΤΥ (Νίκαια τηλ.4918.735) Ιπτάμενος και τζέντλεμαν (Κ)

ΕΥΦΡΟΣΥΝΗ (Νίκαια τηλ. 4912.589) Βασικά καλοκαίρια (Κ)

ΚΑΜΕΛΙΑ (Αμφιάλη, 4322182) Τα τρελά καλοκαίρια (Κ)

ΚΑΤΕΡΙΝΑ (Νίκαια) Πέστα βρωμόστομε (Κ)

ΚΕΝΤΡΙΚΟΝ (Νίκαια) Ρόδα τεσσάρων (Κ)

ΚΡΟΝΙΟΝ (Αγ. Σοφία)Απειλή από το διάστημα (Κ)

ΦΡΥΝΗ (Καμίνια, 4813425)Τα δαιμονισμένα κορίτσια (Κ-13)

ΣΥΝΟΙΚΙΑΚΟΙ

ΑΝΕΣΙΣ (Σαλαμίνα, 4651166) Τα τσακάλια (Κ)

ΑΥΡΑ (Πέραμα) Ο εξωγήινος (Κ)

ΛΕΝΑ (Πέραμα, 4413220) Ρόκυ Μπαλμπόα Νο-3 (Κ)
